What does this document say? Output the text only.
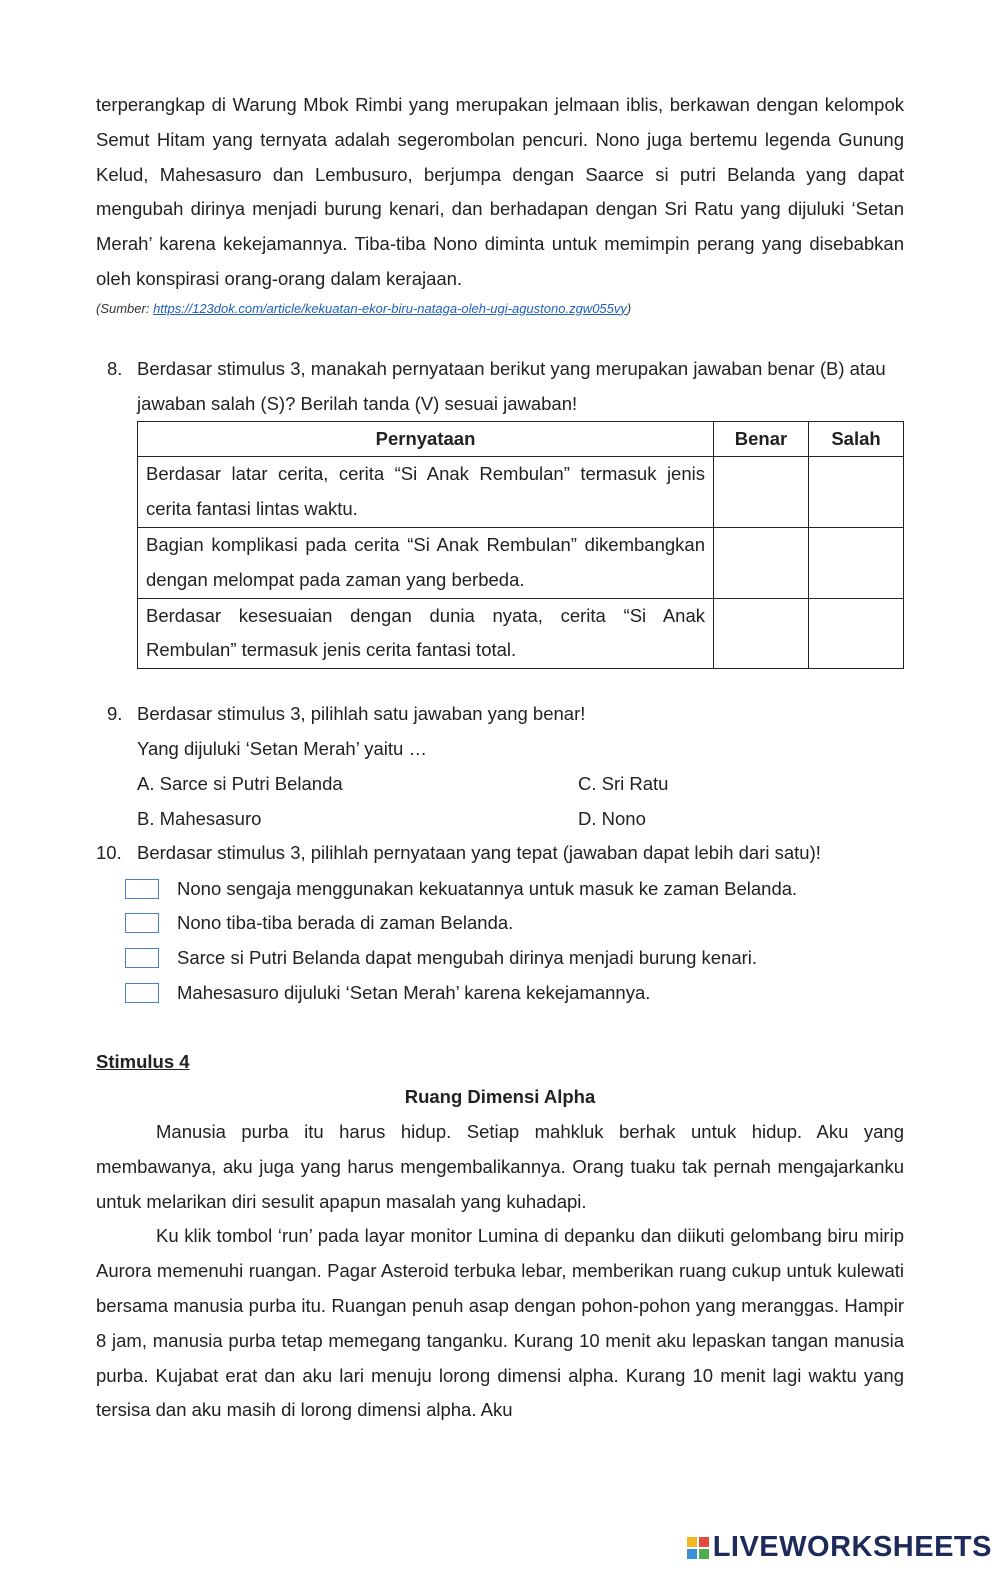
terperangkap di Warung Mbok Rimbi yang merupakan jelmaan iblis, berkawan dengan kelompok Semut Hitam yang ternyata adalah segerombolan pencuri. Nono juga bertemu legenda Gunung Kelud, Mahesasuro dan Lembusuro, berjumpa dengan Saarce si putri Belanda yang dapat mengubah dirinya menjadi burung kenari, dan berhadapan dengan Sri Ratu yang dijuluki ‘Setan Merah’ karena kekejamannya. Tiba-tiba Nono diminta untuk memimpin perang yang disebabkan oleh konspirasi orang-orang dalam kerajaan.

(Sumber: https://123dok.com/article/kekuatan-ekor-biru-nataga-oleh-ugi-agustono.zgw055vy)

8. Berdasar stimulus 3, manakah pernyataan berikut yang merupakan jawaban benar (B) atau jawaban salah (S)? Berilah tanda (V) sesuai jawaban!
Pernyataan	Benar	Salah
Berdasar latar cerita, cerita “Si Anak Rembulan” termasuk jenis cerita fantasi lintas waktu.		
Bagian komplikasi pada cerita “Si Anak Rembulan” dikembangkan dengan melompat pada zaman yang berbeda.		
Berdasar kesesuaian dengan dunia nyata, cerita “Si Anak Rembulan” termasuk jenis cerita fantasi total.		
9. Berdasar stimulus 3, pilihlah satu jawaban yang benar!
Yang dijuluki ‘Setan Merah’ yaitu …
A. Sarce si Putri Belanda	C. Sri Ratu
B. Mahesasuro	D. Nono
10. Berdasar stimulus 3, pilihlah pernyataan yang tepat (jawaban dapat lebih dari satu)!
Nono sengaja menggunakan kekuatannya untuk masuk ke zaman Belanda.
Nono tiba-tiba berada di zaman Belanda.
Sarce si Putri Belanda dapat mengubah dirinya menjadi burung kenari.
Mahesasuro dijuluki ‘Setan Merah’ karena kekejamannya.
Stimulus 4
Ruang Dimensi Alpha

Manusia purba itu harus hidup. Setiap mahkluk berhak untuk hidup. Aku yang membawanya, aku juga yang harus mengembalikannya. Orang tuaku tak pernah mengajarkanku untuk melarikan diri sesulit apapun masalah yang kuhadapi.

Ku klik tombol ‘run’ pada layar monitor Lumina di depanku dan diikuti gelombang biru mirip Aurora memenuhi ruangan. Pagar Asteroid terbuka lebar, memberikan ruang cukup untuk kulewati bersama manusia purba itu. Ruangan penuh asap dengan pohon-pohon yang meranggas. Hampir 8 jam, manusia purba tetap memegang tanganku. Kurang 10 menit aku lepaskan tangan manusia purba. Kujabat erat dan aku lari menuju lorong dimensi alpha. Kurang 10 menit lagi waktu yang tersisa dan aku masih di lorong dimensi alpha. Aku

LIVEWORKSHEETS
